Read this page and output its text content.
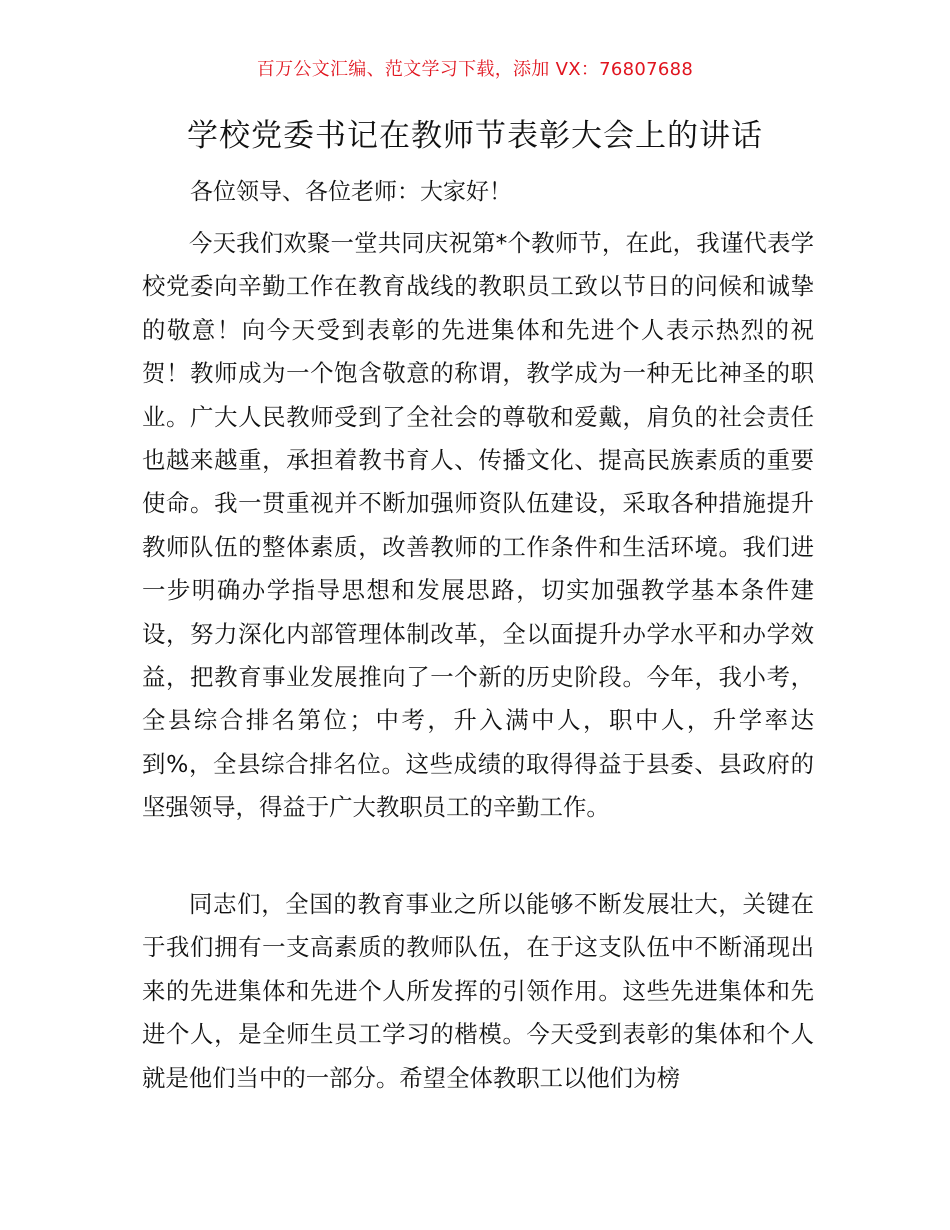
百万公文汇编、范文学习下载，添加 VX：76807688
学校党委书记在教师节表彰大会上的讲话

各位领导、各位老师：大家好！

今天我们欢聚一堂共同庆祝第*个教师节，在此，我谨代表学校党委向辛勤工作在教育战线的教职员工致以节日的问候和诚挚的敬意！向今天受到表彰的先进集体和先进个人表示热烈的祝贺！教师成为一个饱含敬意的称谓，教学成为一种无比神圣的职业。广大人民教师受到了全社会的尊敬和爱戴，肩负的社会责任也越来越重，承担着教书育人、传播文化、提高民族素质的重要使命。我一贯重视并不断加强师资队伍建设，采取各种措施提升教师队伍的整体素质，改善教师的工作条件和生活环境。我们进一步明确办学指导思想和发展思路，切实加强教学基本条件建设，努力深化内部管理体制改革，全以面提升办学水平和办学效益，把教育事业发展推向了一个新的历史阶段。今年，我小考，全县综合排名第位；中考，升入满中人，职中人，升学率达到%，全县综合排名位。这些成绩的取得得益于县委、县政府的坚强领导，得益于广大教职员工的辛勤工作。

同志们，全国的教育事业之所以能够不断发展壮大，关键在于我们拥有一支高素质的教师队伍，在于这支队伍中不断涌现出来的先进集体和先进个人所发挥的引领作用。这些先进集体和先进个人，是全师生员工学习的楷模。今天受到表彰的集体和个人就是他们当中的一部分。希望全体教职工以他们为榜
